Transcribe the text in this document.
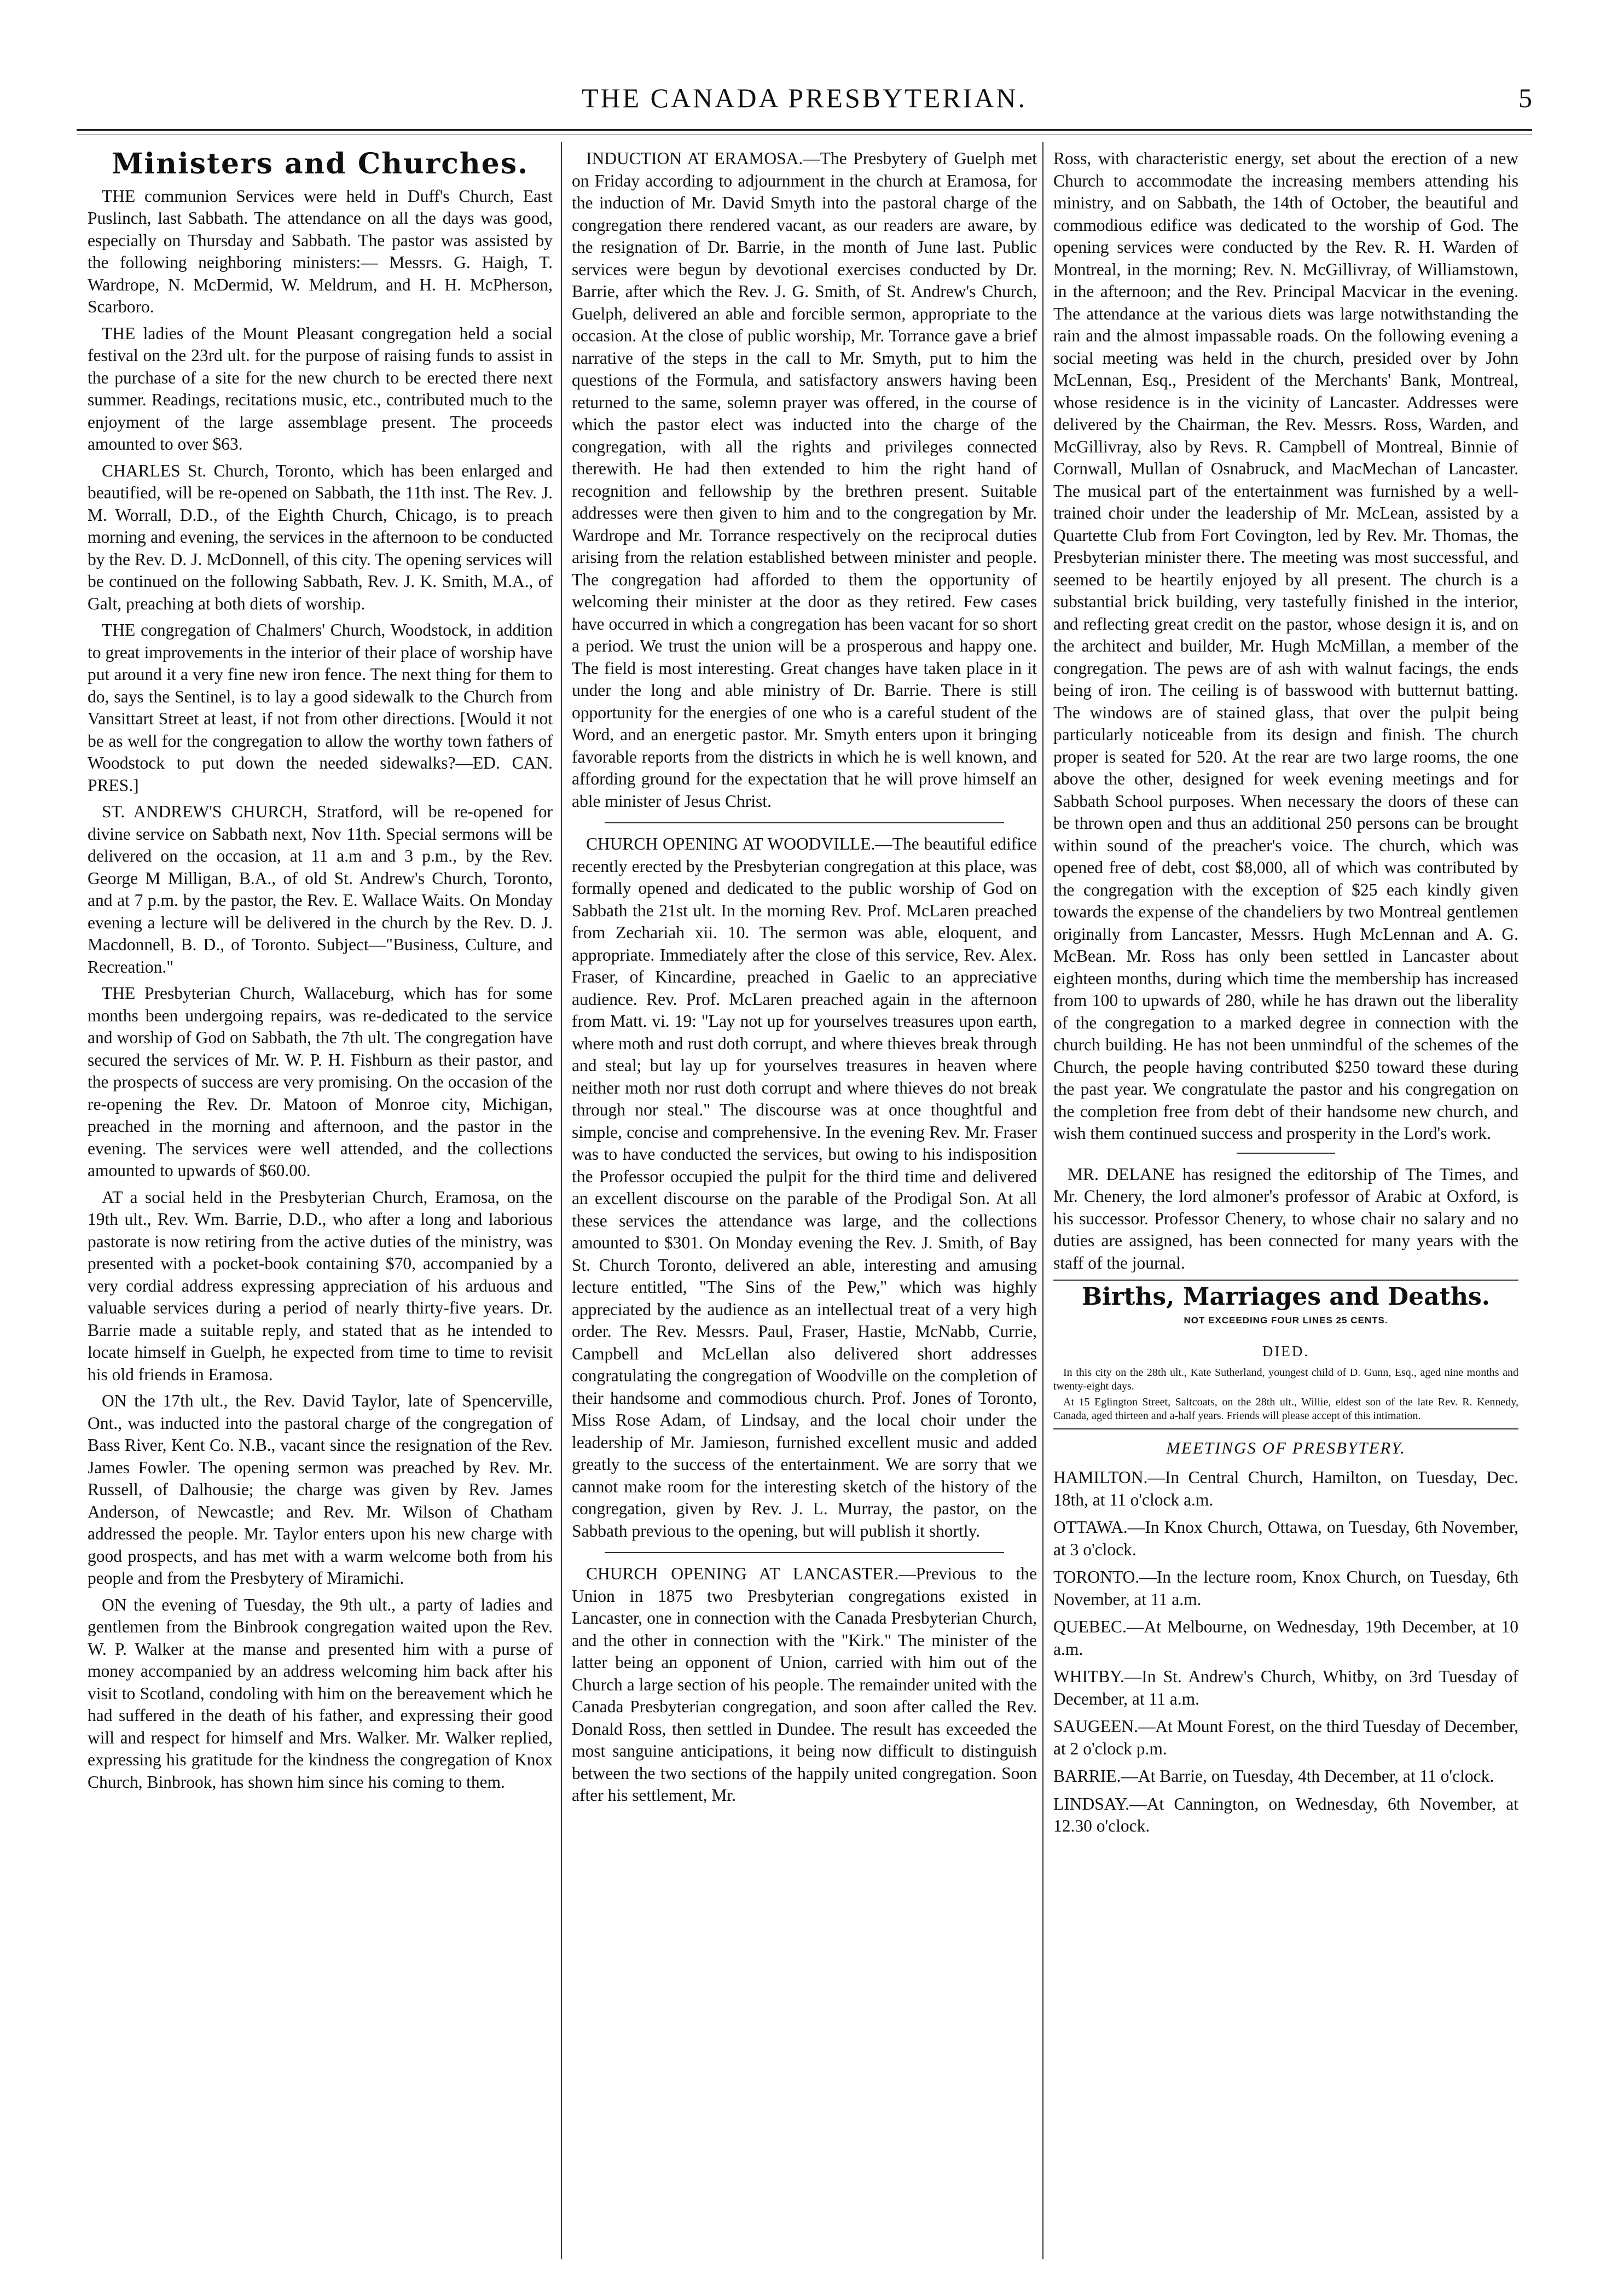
THE CANADA PRESBYTERIAN.	5
Ministers and Churches.

THE communion Services were held in Duff's Church, East Puslinch, last Sabbath. The attendance on all the days was good, especially on Thursday and Sabbath. The pastor was assisted by the following neighboring ministers:— Messrs. G. Haigh, T. Wardrope, N. McDermid, W. Meldrum, and H. H. McPherson, Scarboro.

THE ladies of the Mount Pleasant congregation held a social festival on the 23rd ult. for the purpose of raising funds to assist in the purchase of a site for the new church to be erected there next summer. Readings, recitations music, etc., contributed much to the enjoyment of the large assemblage present. The proceeds amounted to over $63.

CHARLES St. Church, Toronto, which has been enlarged and beautified, will be re-opened on Sabbath, the 11th inst. The Rev. J. M. Worrall, D.D., of the Eighth Church, Chicago, is to preach morning and evening, the services in the afternoon to be conducted by the Rev. D. J. McDonnell, of this city. The opening services will be continued on the following Sabbath, Rev. J. K. Smith, M.A., of Galt, preaching at both diets of worship.

THE congregation of Chalmers' Church, Woodstock, in addition to great improvements in the interior of their place of worship have put around it a very fine new iron fence. The next thing for them to do, says the Sentinel, is to lay a good sidewalk to the Church from Vansittart Street at least, if not from other directions. [Would it not be as well for the congregation to allow the worthy town fathers of Woodstock to put down the needed sidewalks?—ED. CAN. PRES.]

ST. ANDREW'S CHURCH, Stratford, will be re-opened for divine service on Sabbath next, Nov 11th. Special sermons will be delivered on the occasion, at 11 a.m and 3 p.m., by the Rev. George M Milligan, B.A., of old St. Andrew's Church, Toronto, and at 7 p.m. by the pastor, the Rev. E. Wallace Waits. On Monday evening a lecture will be delivered in the church by the Rev. D. J. Macdonnell, B. D., of Toronto. Subject—"Business, Culture, and Recreation."

THE Presbyterian Church, Wallaceburg, which has for some months been undergoing repairs, was re-dedicated to the service and worship of God on Sabbath, the 7th ult. The congregation have secured the services of Mr. W. P. H. Fishburn as their pastor, and the prospects of success are very promising. On the occasion of the re-opening the Rev. Dr. Matoon of Monroe city, Michigan, preached in the morning and afternoon, and the pastor in the evening. The services were well attended, and the collections amounted to upwards of $60.00.

AT a social held in the Presbyterian Church, Eramosa, on the 19th ult., Rev. Wm. Barrie, D.D., who after a long and laborious pastorate is now retiring from the active duties of the ministry, was presented with a pocket-book containing $70, accompanied by a very cordial address expressing appreciation of his arduous and valuable services during a period of nearly thirty-five years. Dr. Barrie made a suitable reply, and stated that as he intended to locate himself in Guelph, he expected from time to time to revisit his old friends in Eramosa.

ON the 17th ult., the Rev. David Taylor, late of Spencerville, Ont., was inducted into the pastoral charge of the congregation of Bass River, Kent Co. N.B., vacant since the resignation of the Rev. James Fowler. The opening sermon was preached by Rev. Mr. Russell, of Dalhousie; the charge was given by Rev. James Anderson, of Newcastle; and Rev. Mr. Wilson of Chatham addressed the people. Mr. Taylor enters upon his new charge with good prospects, and has met with a warm welcome both from his people and from the Presbytery of Miramichi.

ON the evening of Tuesday, the 9th ult., a party of ladies and gentlemen from the Binbrook congregation waited upon the Rev. W. P. Walker at the manse and presented him with a purse of money accompanied by an address welcoming him back after his visit to Scotland, condoling with him on the bereavement which he had suffered in the death of his father, and expressing their good will and respect for himself and Mrs. Walker. Mr. Walker replied, expressing his gratitude for the kindness the congregation of Knox Church, Binbrook, has shown him since his coming to them.

INDUCTION AT ERAMOSA.—The Presbytery of Guelph met on Friday according to adjournment in the church at Eramosa, for the induction of Mr. David Smyth into the pastoral charge of the congregation there rendered vacant, as our readers are aware, by the resignation of Dr. Barrie, in the month of June last. Public services were begun by devotional exercises conducted by Dr. Barrie, after which the Rev. J. G. Smith, of St. Andrew's Church, Guelph, delivered an able and forcible sermon, appropriate to the occasion. At the close of public worship, Mr. Torrance gave a brief narrative of the steps in the call to Mr. Smyth, put to him the questions of the Formula, and satisfactory answers having been returned to the same, solemn prayer was offered, in the course of which the pastor elect was inducted into the charge of the congregation, with all the rights and privileges connected therewith. He had then extended to him the right hand of recognition and fellowship by the brethren present. Suitable addresses were then given to him and to the congregation by Mr. Wardrope and Mr. Torrance respectively on the reciprocal duties arising from the relation established between minister and people. The congregation had afforded to them the opportunity of welcoming their minister at the door as they retired. Few cases have occurred in which a congregation has been vacant for so short a period. We trust the union will be a prosperous and happy one. The field is most interesting. Great changes have taken place in it under the long and able ministry of Dr. Barrie. There is still opportunity for the energies of one who is a careful student of the Word, and an energetic pastor. Mr. Smyth enters upon it bringing favorable reports from the districts in which he is well known, and affording ground for the expectation that he will prove himself an able minister of Jesus Christ.

CHURCH OPENING AT WOODVILLE.—The beautiful edifice recently erected by the Presbyterian congregation at this place, was formally opened and dedicated to the public worship of God on Sabbath the 21st ult. In the morning Rev. Prof. McLaren preached from Zechariah xii. 10. The sermon was able, eloquent, and appropriate. Immediately after the close of this service, Rev. Alex. Fraser, of Kincardine, preached in Gaelic to an appreciative audience. Rev. Prof. McLaren preached again in the afternoon from Matt. vi. 19: "Lay not up for yourselves treasures upon earth, where moth and rust doth corrupt, and where thieves break through and steal; but lay up for yourselves treasures in heaven where neither moth nor rust doth corrupt and where thieves do not break through nor steal." The discourse was at once thoughtful and simple, concise and comprehensive. In the evening Rev. Mr. Fraser was to have conducted the services, but owing to his indisposition the Professor occupied the pulpit for the third time and delivered an excellent discourse on the parable of the Prodigal Son. At all these services the attendance was large, and the collections amounted to $301. On Monday evening the Rev. J. Smith, of Bay St. Church Toronto, delivered an able, interesting and amusing lecture entitled, "The Sins of the Pew," which was highly appreciated by the audience as an intellectual treat of a very high order. The Rev. Messrs. Paul, Fraser, Hastie, McNabb, Currie, Campbell and McLellan also delivered short addresses congratulating the congregation of Woodville on the completion of their handsome and commodious church. Prof. Jones of Toronto, Miss Rose Adam, of Lindsay, and the local choir under the leadership of Mr. Jamieson, furnished excellent music and added greatly to the success of the entertainment. We are sorry that we cannot make room for the interesting sketch of the history of the congregation, given by Rev. J. L. Murray, the pastor, on the Sabbath previous to the opening, but will publish it shortly.

CHURCH OPENING AT LANCASTER.—Previous to the Union in 1875 two Presbyterian congregations existed in Lancaster, one in connection with the Canada Presbyterian Church, and the other in connection with the "Kirk." The minister of the latter being an opponent of Union, carried with him out of the Church a large section of his people. The remainder united with the Canada Presbyterian congregation, and soon after called the Rev. Donald Ross, then settled in Dundee. The result has exceeded the most sanguine anticipations, it being now difficult to distinguish between the two sections of the happily united congregation. Soon after his settlement, Mr.

Ross, with characteristic energy, set about the erection of a new Church to accommodate the increasing members attending his ministry, and on Sabbath, the 14th of October, the beautiful and commodious edifice was dedicated to the worship of God. The opening services were conducted by the Rev. R. H. Warden of Montreal, in the morning; Rev. N. McGillivray, of Williamstown, in the afternoon; and the Rev. Principal Macvicar in the evening. The attendance at the various diets was large notwithstanding the rain and the almost impassable roads. On the following evening a social meeting was held in the church, presided over by John McLennan, Esq., President of the Merchants' Bank, Montreal, whose residence is in the vicinity of Lancaster. Addresses were delivered by the Chairman, the Rev. Messrs. Ross, Warden, and McGillivray, also by Revs. R. Campbell of Montreal, Binnie of Cornwall, Mullan of Osnabruck, and MacMechan of Lancaster. The musical part of the entertainment was furnished by a well-trained choir under the leadership of Mr. McLean, assisted by a Quartette Club from Fort Covington, led by Rev. Mr. Thomas, the Presbyterian minister there. The meeting was most successful, and seemed to be heartily enjoyed by all present. The church is a substantial brick building, very tastefully finished in the interior, and reflecting great credit on the pastor, whose design it is, and on the architect and builder, Mr. Hugh McMillan, a member of the congregation. The pews are of ash with walnut facings, the ends being of iron. The ceiling is of basswood with butternut batting. The windows are of stained glass, that over the pulpit being particularly noticeable from its design and finish. The church proper is seated for 520. At the rear are two large rooms, the one above the other, designed for week evening meetings and for Sabbath School purposes. When necessary the doors of these can be thrown open and thus an additional 250 persons can be brought within sound of the preacher's voice. The church, which was opened free of debt, cost $8,000, all of which was contributed by the congregation with the exception of $25 each kindly given towards the expense of the chandeliers by two Montreal gentlemen originally from Lancaster, Messrs. Hugh McLennan and A. G. McBean. Mr. Ross has only been settled in Lancaster about eighteen months, during which time the membership has increased from 100 to upwards of 280, while he has drawn out the liberality of the congregation to a marked degree in connection with the church building. He has not been unmindful of the schemes of the Church, the people having contributed $250 toward these during the past year. We congratulate the pastor and his congregation on the completion free from debt of their handsome new church, and wish them continued success and prosperity in the Lord's work.

MR. DELANE has resigned the editorship of The Times, and Mr. Chenery, the lord almoner's professor of Arabic at Oxford, is his successor. Professor Chenery, to whose chair no salary and no duties are assigned, has been connected for many years with the staff of the journal.

Births, Marriages and Deaths.
NOT EXCEEDING FOUR LINES 25 CENTS.
DIED.

In this city on the 28th ult., Kate Sutherland, youngest child of D. Gunn, Esq., aged nine months and twenty-eight days.

At 15 Eglington Street, Saltcoats, on the 28th ult., Willie, eldest son of the late Rev. R. Kennedy, Canada, aged thirteen and a-half years. Friends will please accept of this intimation.

MEETINGS OF PRESBYTERY.

HAMILTON.—In Central Church, Hamilton, on Tuesday, Dec. 18th, at 11 o'clock a.m.

OTTAWA.—In Knox Church, Ottawa, on Tuesday, 6th November, at 3 o'clock.

TORONTO.—In the lecture room, Knox Church, on Tuesday, 6th November, at 11 a.m.

QUEBEC.—At Melbourne, on Wednesday, 19th December, at 10 a.m.

WHITBY.—In St. Andrew's Church, Whitby, on 3rd Tuesday of December, at 11 a.m.

SAUGEEN.—At Mount Forest, on the third Tuesday of December, at 2 o'clock p.m.

BARRIE.—At Barrie, on Tuesday, 4th December, at 11 o'clock.

LINDSAY.—At Cannington, on Wednesday, 6th November, at 12.30 o'clock.
